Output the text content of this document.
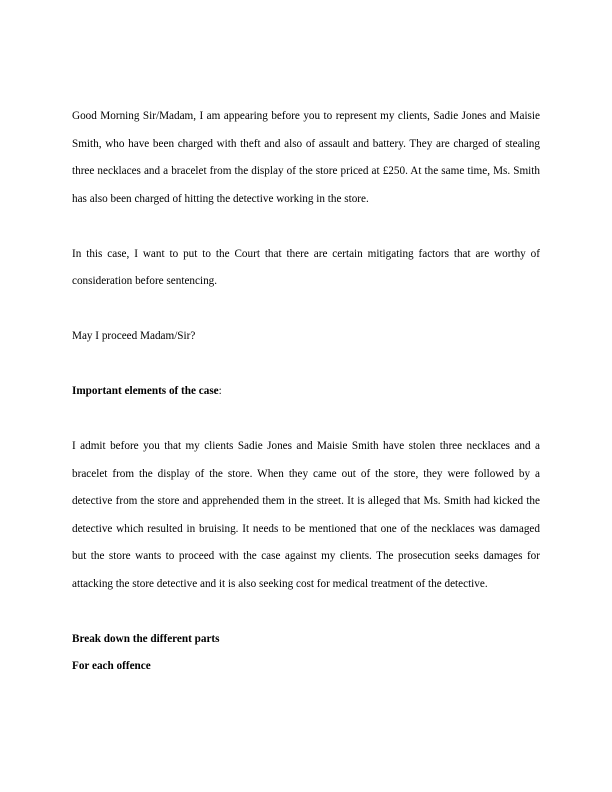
Good Morning Sir/Madam, I am appearing before you to represent my clients, Sadie Jones and Maisie Smith, who have been charged with theft and also of assault and battery. They are charged of stealing three necklaces and a bracelet from the display of the store priced at £250. At the same time, Ms. Smith has also been charged of hitting the detective working in the store.

In this case, I want to put to the Court that there are certain mitigating factors that are worthy of consideration before sentencing.

May I proceed Madam/Sir?

Important elements of the case:

I admit before you that my clients Sadie Jones and Maisie Smith have stolen three necklaces and a bracelet from the display of the store. When they came out of the store, they were followed by a detective from the store and apprehended them in the street. It is alleged that Ms. Smith had kicked the detective which resulted in bruising. It needs to be mentioned that one of the necklaces was damaged but the store wants to proceed with the case against my clients. The prosecution seeks damages for attacking the store detective and it is also seeking cost for medical treatment of the detective.

Break down the different parts

For each offence
